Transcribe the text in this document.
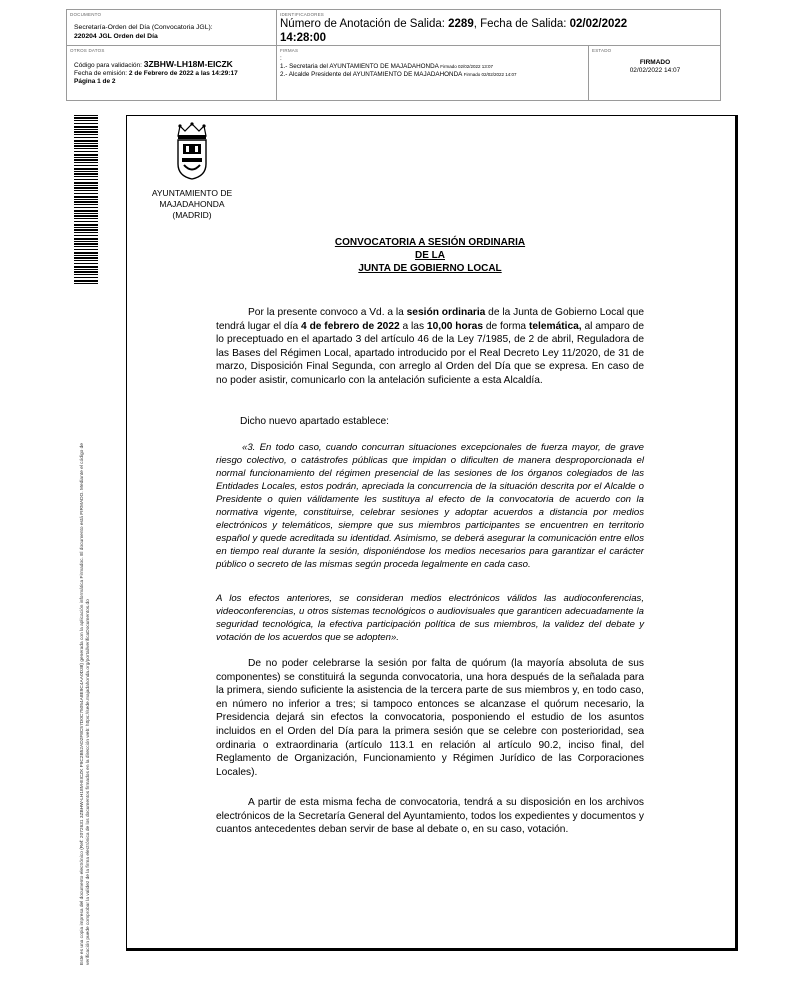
DOCUMENTO
Secretaría-Orden del Día (Convocatoria JGL):
220204 JGL Orden del Día
IDENTIFICADORES
Número de Anotación de Salida: 2289, Fecha de Salida: 02/02/2022
14:28:00
OTROS DATOS
Código para validación: 3ZBHW-LH18M-EICZK
Fecha de emisión: 2 de Febrero de 2022 a las 14:29:17
Página 1 de 2
FIRMAS
:
1.- Secretaria del AYUNTAMIENTO DE MAJADAHONDA Firmado 02/02/2022 13:07
2.- Alcalde Presidente del AYUNTAMIENTO DE MAJADAHONDA Firmado 02/02/2022 14:07
ESTADO
FIRMADO
02/02/2022 14:07
Este es una copia impresa del documento electrónico (Ref: 2072631 3ZBHW-LH18M-EICZK F9C2B52AD2F8C57D0C75054A8E9C4AA0D38) generada con la aplicación informática Firmadoc. El documento está FIRMADO. Mediante el código de verificación puede comprobar la validez de la firma electrónica de los documentos firmados en la dirección web: https://sede.majadahonda.org/portal/verificaDocumentos.do
AYUNTAMIENTO DE
MAJADAHONDA
(MADRID)
CONVOCATORIA A SESIÓN ORDINARIA
DE LA
JUNTA DE GOBIERNO LOCAL
Por la presente convoco a Vd. a la sesión ordinaria de la Junta de Gobierno Local que tendrá lugar el día 4 de febrero de 2022 a las 10,00 horas de forma telemática, al amparo de lo preceptuado en el apartado 3 del artículo 46 de la Ley 7/1985, de 2 de abril, Reguladora de las Bases del Régimen Local, apartado introducido por el Real Decreto Ley 11/2020, de 31 de marzo, Disposición Final Segunda, con arreglo al Orden del Día que se expresa. En caso de no poder asistir, comunicarlo con la antelación suficiente a esta Alcaldía.
Dicho nuevo apartado establece:
«3. En todo caso, cuando concurran situaciones excepcionales de fuerza mayor, de grave riesgo colectivo, o catástrofes públicas que impidan o dificulten de manera desproporcionada el normal funcionamiento del régimen presencial de las sesiones de los órganos colegiados de las Entidades Locales, estos podrán, apreciada la concurrencia de la situación descrita por el Alcalde o Presidente o quien válidamente les sustituya al efecto de la convocatoria de acuerdo con la normativa vigente, constituirse, celebrar sesiones y adoptar acuerdos a distancia por medios electrónicos y telemáticos, siempre que sus miembros participantes se encuentren en territorio español y quede acreditada su identidad. Asimismo, se deberá asegurar la comunicación entre ellos en tiempo real durante la sesión, disponiéndose los medios necesarios para garantizar el carácter público o secreto de las mismas según proceda legalmente en cada caso.
A los efectos anteriores, se consideran medios electrónicos válidos las audioconferencias, videoconferencias, u otros sistemas tecnológicos o audiovisuales que garanticen adecuadamente la seguridad tecnológica, la efectiva participación política de sus miembros, la validez del debate y votación de los acuerdos que se adopten».
De no poder celebrarse la sesión por falta de quórum (la mayoría absoluta de sus componentes) se constituirá la segunda convocatoria, una hora después de la señalada para la primera, siendo suficiente la asistencia de la tercera parte de sus miembros y, en todo caso, en número no inferior a tres; si tampoco entonces se alcanzase el quórum necesario, la Presidencia dejará sin efectos la convocatoria, posponiendo el estudio de los asuntos incluidos en el Orden del Día para la primera sesión que se celebre con posterioridad, sea ordinaria o extraordinaria (artículo 113.1 en relación al artículo 90.2, inciso final, del Reglamento de Organización, Funcionamiento y Régimen Jurídico de las Corporaciones Locales).
A partir de esta misma fecha de convocatoria, tendrá a su disposición en los archivos electrónicos de la Secretaría General del Ayuntamiento, todos los expedientes y documentos y cuantos antecedentes deban servir de base al debate o, en su caso, votación.
